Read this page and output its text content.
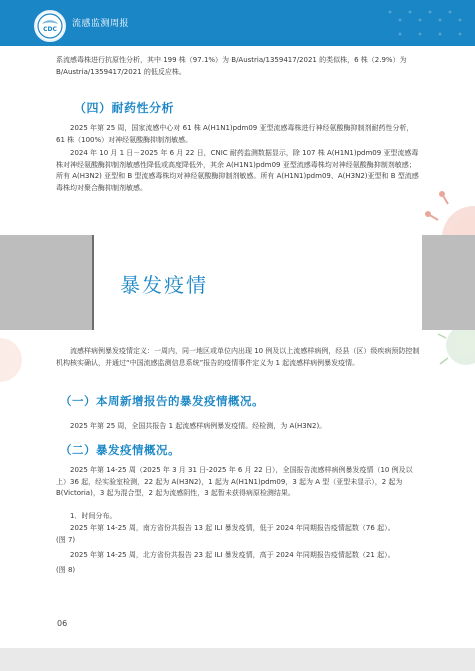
CDC
流感监测周报
系流感毒株进行抗原性分析，其中 199 株（97.1%）为 B/Austria/1359417/2021 的类似株，6 株（2.9%）为 B/Austria/1359417/2021 的低反应株。
（四）耐药性分析
2025 年第 25 周，国家流感中心对 61 株 A(H1N1)pdm09 亚型流感毒株进行神经氨酸酶抑制剂耐药性分析，61 株（100%）对神经氨酸酶抑制剂敏感。
2024 年 10 月 1 日－2025 年 6 月 22 日，CNIC 耐药监测数据显示，除 107 株 A(H1N1)pdm09 亚型流感毒株对神经氨酸酶抑制剂敏感性降低或高度降低外，其余 A(H1N1)pdm09 亚型流感毒株均对神经氨酸酶抑制剂敏感；所有 A(H3N2) 亚型和 B 型流感毒株均对神经氨酸酶抑制剂敏感。所有 A(H1N1)pdm09、A(H3N2)亚型和 B 型流感毒株均对聚合酶抑制剂敏感。
暴发疫情
流感样病例暴发疫情定义：一周内，同一地区或单位内出现 10 例及以上流感样病例，经县（区）级疾病预防控制机构核实确认，并通过“中国流感监测信息系统”报告的疫情事件定义为 1 起流感样病例暴发疫情。
（一）本周新增报告的暴发疫情概况。
2025 年第 25 周，全国共报告 1 起流感样病例暴发疫情。经检测，为 A(H3N2)。
（二）暴发疫情概况。
2025 年第 14-25 周（2025 年 3 月 31 日-2025 年 6 月 22 日），全国报告流感样病例暴发疫情（10 例及以上）36 起，经实验室检测，22 起为 A(H3N2)，1 起为 A(H1N1)pdm09，3 起为 A 型（亚型未显示），2 起为 B(Victoria)，3 起为混合型，2 起为流感阴性，3 起暂未获得病原检测结果。
1．时间分布。
2025 年第 14-25 周，南方省份共报告 13 起 ILI 暴发疫情，低于 2024 年同期报告疫情起数（76 起）。
(图 7)
2025 年第 14-25 周，北方省份共报告 23 起 ILI 暴发疫情，高于 2024 年同期报告疫情起数（21 起）。
(图 8)
06
